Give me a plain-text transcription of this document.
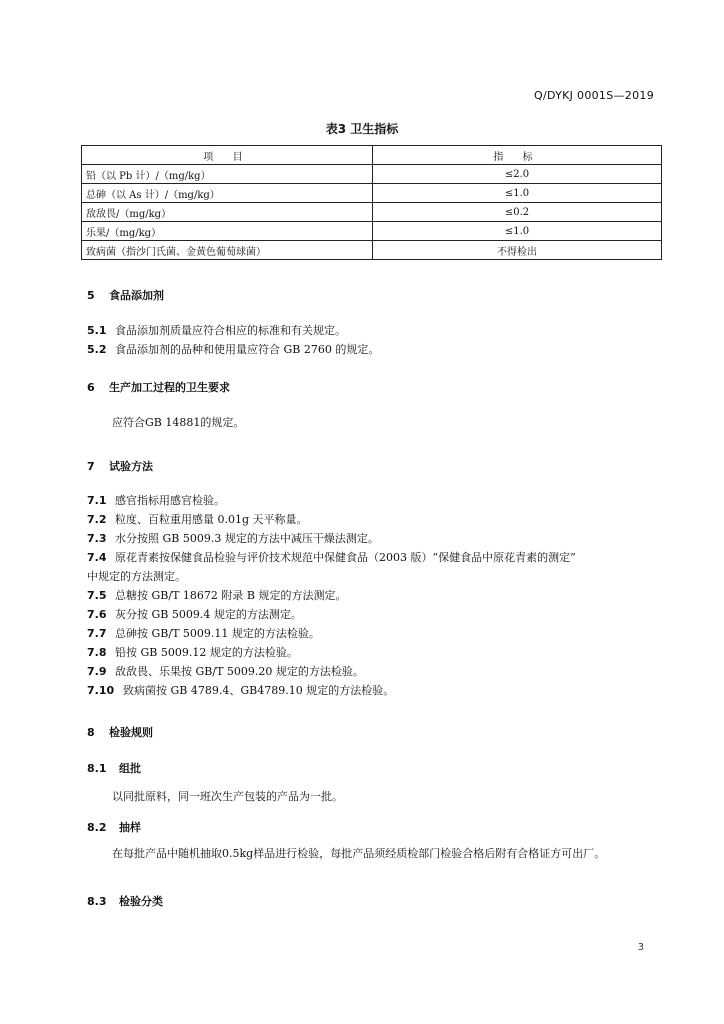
Q/DYKJ 0001S—2019
表3 卫生指标
项 目	指 标
铅（以 Pb 计）/（mg/kg）	≤2.0
总砷（以 As 计）/（mg/kg）	≤1.0
敌敌畏/（mg/kg）	≤0.2
乐果/（mg/kg）	≤1.0
致病菌（指沙门氏菌、金黄色葡萄球菌）	不得检出
5 食品添加剂
5.1 食品添加剂质量应符合相应的标准和有关规定。
5.2 食品添加剂的品种和使用量应符合 GB 2760 的规定。
6 生产加工过程的卫生要求
应符合GB 14881的规定。
7 试验方法
7.1 感官指标用感官检验。
7.2 粒度、百粒重用感量 0.01g 天平称量。
7.3 水分按照 GB 5009.3 规定的方法中减压干燥法测定。
7.4 原花青素按保健食品检验与评价技术规范中保健食品（2003 版）“保健食品中原花青素的测定”
中规定的方法测定。
7.5 总糖按 GB/T 18672 附录 B 规定的方法测定。
7.6 灰分按 GB 5009.4 规定的方法测定。
7.7 总砷按 GB/T 5009.11 规定的方法检验。
7.8 铅按 GB 5009.12 规定的方法检验。
7.9 敌敌畏、乐果按 GB/T 5009.20 规定的方法检验。
7.10 致病菌按 GB 4789.4、GB4789.10 规定的方法检验。
8 检验规则
8.1 组批
以同批原料，同一班次生产包装的产品为一批。
8.2 抽样
在每批产品中随机抽取0.5kg样品进行检验，每批产品须经质检部门检验合格后附有合格证方可出厂。
8.3 检验分类
3
